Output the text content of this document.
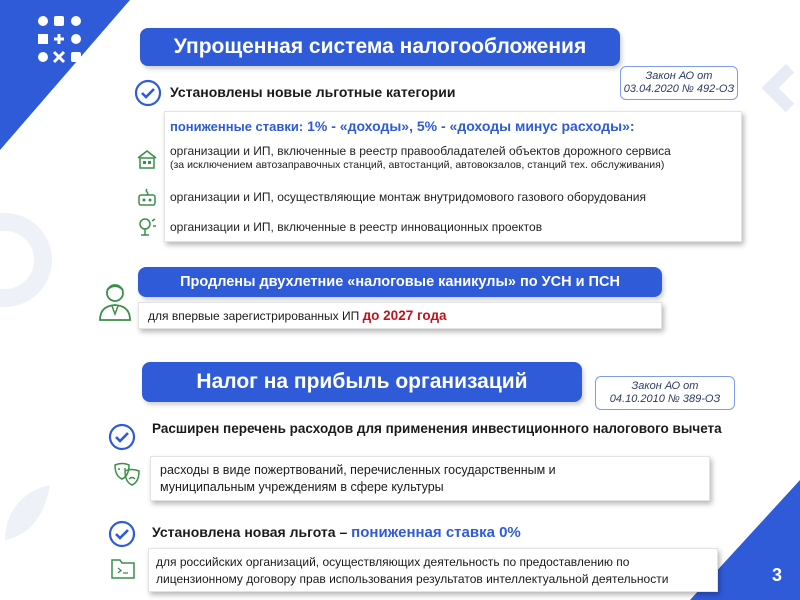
3
Упрощенная система налогообложения
Закон АО от
03.04.2020 № 492-ОЗ
Установлены новые льготные категории
пониженные ставки: 1% - «доходы», 5% - «доходы минус расходы»:
организации и ИП, включенные в реестр правообладателей объектов дорожного сервиса
(за исключением автозаправочных станций, автостанций, автовокзалов, станций тех. обслуживания)
организации и ИП, осуществляющие монтаж внутридомового газового оборудования
организации и ИП, включенные в реестр инновационных проектов
Продлены двухлетние «налоговые каникулы» по УСН и ПСН
для впервые зарегистрированных ИП до 2027 года
Налог на прибыль организаций	Закон АО от
04.10.2010 № 389-ОЗ
Расширен перечень расходов для применения инвестиционного налогового вычета
расходы в виде пожертвований, перечисленных государственным и
муниципальным учреждениям в сфере культуры
Установлена новая льгота – пониженная ставка 0%
для российских организаций, осуществляющих деятельность по предоставлению по
лицензионному договору прав использования результатов интеллектуальной деятельности
